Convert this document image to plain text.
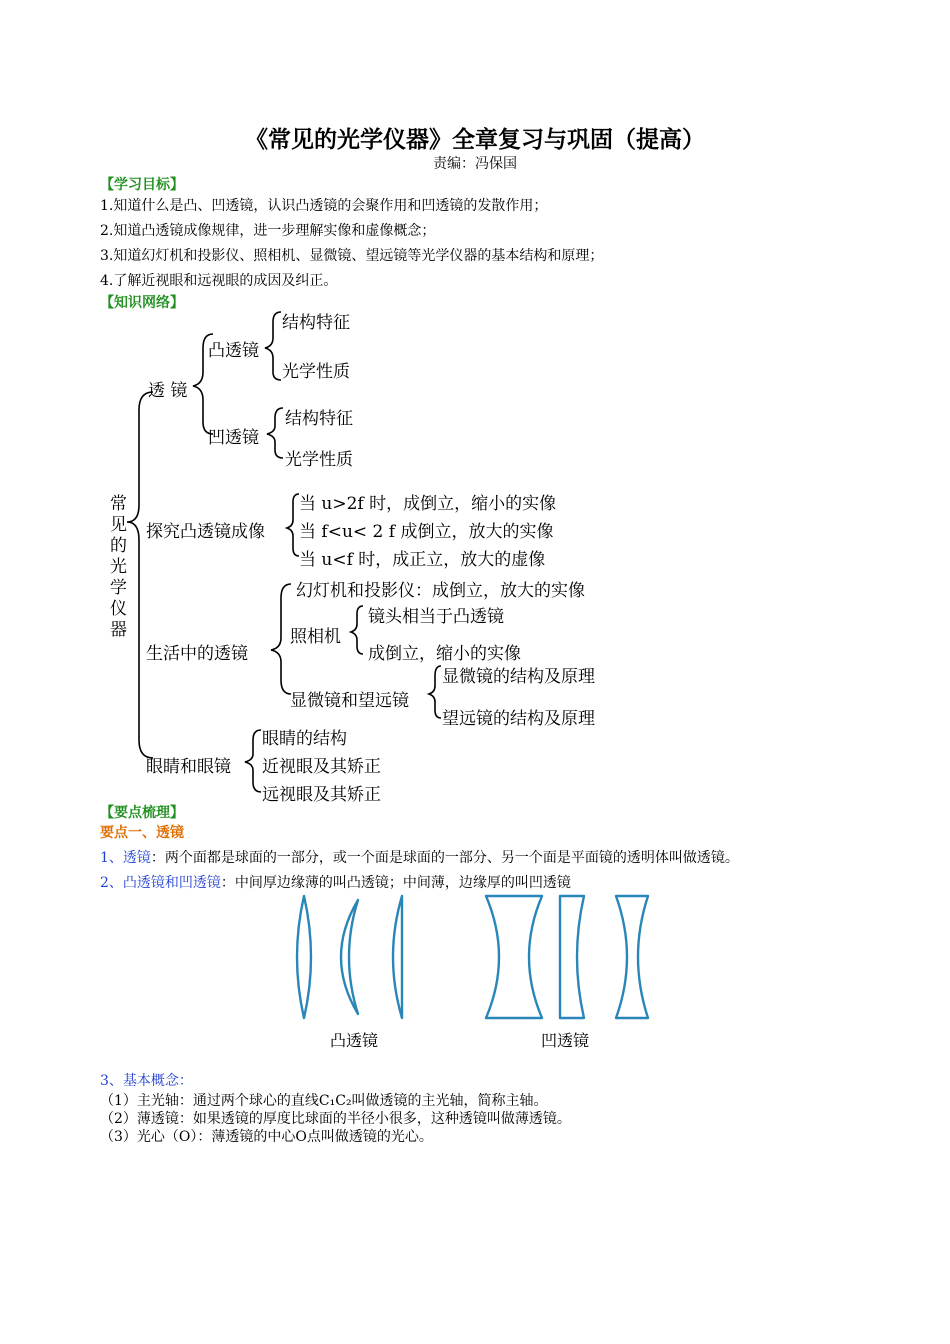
《常见的光学仪器》全章复习与巩固（提高）
责编：冯保国
【学习目标】
1.知道什么是凸、凹透镜，认识凸透镜的会聚作用和凹透镜的发散作用；
2.知道凸透镜成像规律，进一步理解实像和虚像概念；
3.知道幻灯机和投影仪、照相机、显微镜、望远镜等光学仪器的基本结构和原理；
4.了解近视眼和远视眼的成因及纠正。
【知识网络】
常见的光学仪器
透 镜
凸透镜
结构特征
光学性质
凹透镜
结构特征
光学性质
探究凸透镜成像
当 u>2f 时，成倒立，缩小的实像
当 f<u< 2 f 成倒立，放大的实像
当 u<f 时，成正立，放大的虚像
生活中的透镜
幻灯机和投影仪：成倒立，放大的实像
照相机
镜头相当于凸透镜
成倒立，缩小的实像
显微镜和望远镜
显微镜的结构及原理
望远镜的结构及原理
眼睛和眼镜
眼睛的结构
近视眼及其矫正
远视眼及其矫正
【要点梳理】
要点一、透镜
1、透镜：两个面都是球面的一部分，或一个面是球面的一部分、另一个面是平面镜的透明体叫做透镜。
2、凸透镜和凹透镜：中间厚边缘薄的叫凸透镜；中间薄，边缘厚的叫凹透镜
凸透镜	凹透镜
3、基本概念：
（1）主光轴：通过两个球心的直线C₁C₂叫做透镜的主光轴，简称主轴。
（2）薄透镜：如果透镜的厚度比球面的半径小很多，这种透镜叫做薄透镜。
（3）光心（O）：薄透镜的中心O点叫做透镜的光心。
